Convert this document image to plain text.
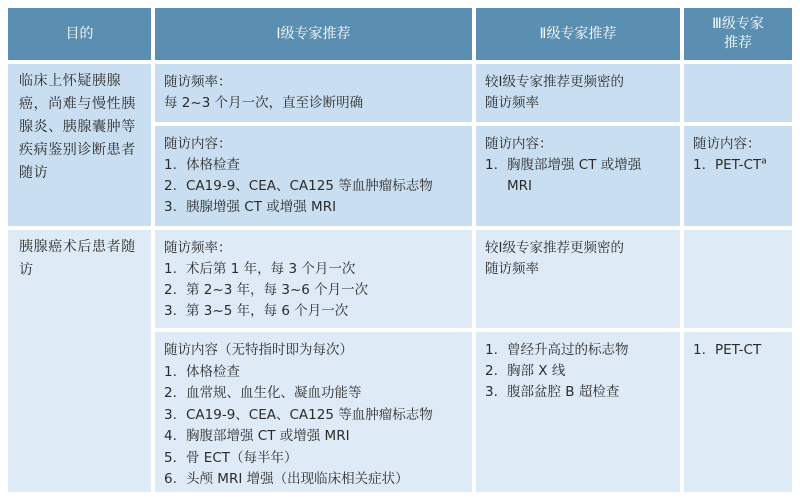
目的	Ⅰ级专家推荐	Ⅱ级专家推荐
Ⅲ级专家
推荐
临床上怀疑胰腺癌，尚难与慢性胰腺炎、胰腺囊肿等疾病鉴别诊断患者随访
随访频率：
每 2~3 个月一次，直至诊断明确
较Ⅰ级专家推荐更频密的
随访频率
随访内容：
1. 体格检查
2. CA19-9、CEA、CA125 等血肿瘤标志物
3. 胰腺增强 CT 或增强 MRI
随访内容：
1. 胸腹部增强 CT 或增强
MRI
随访内容：
1. PET-$CT^a$
胰腺癌术后患者随访
随访频率：
1. 术后第 1 年，每 3 个月一次
2. 第 2~3 年，每 3~6 个月一次
3. 第 3~5 年，每 6 个月一次
较Ⅰ级专家推荐更频密的
随访频率
随访内容（无特指时即为每次）
1. 体格检查
2. 血常规、血生化、凝血功能等
3. CA19-9、CEA、CA125 等血肿瘤标志物
4. 胸腹部增强 CT 或增强 MRI
5. 骨 ECT（每半年）
6. 头颅 MRI 增强（出现临床相关症状）
1. 曾经升高过的标志物
2. 胸部 X 线
3. 腹部盆腔 B 超检查
1. PET-CT
